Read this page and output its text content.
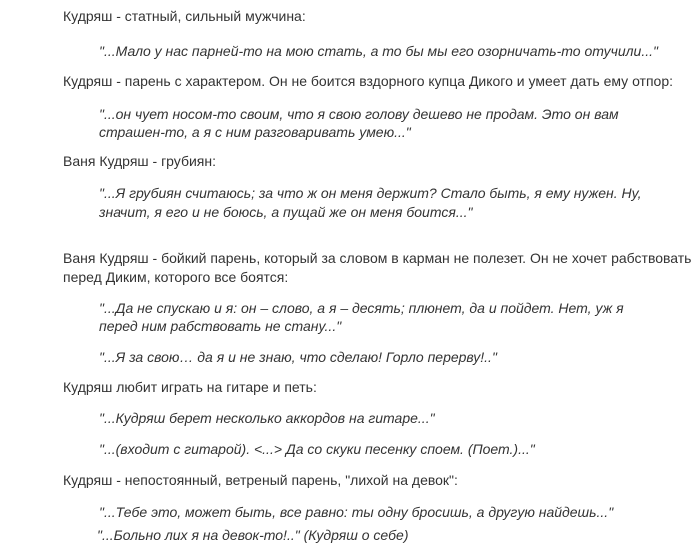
Кудряш - статный, сильный мужчина:

"...Мало у нас парней-то на мою стать, а то бы мы его озорничать-то отучили..."

Кудряш - парень с характером. Он не боится вздорного купца Дикого и умеет дать ему отпор:

"...он чует носом-то своим, что я свою голову дешево не продам. Это он вам

страшен-то, а я с ним разговаривать умею..."

Ваня Кудряш - грубиян:

"...Я грубиян считаюсь; за что ж он меня держит? Стало быть, я ему нужен. Ну,

значит, я его и не боюсь, а пущай же он меня боится..."

Ваня Кудряш - бойкий парень, который за словом в карман не полезет. Он не хочет рабствовать

перед Диким, которого все боятся:

"...Да не спускаю и я: он – слово, а я – десять; плюнет, да и пойдет. Нет, уж я

перед ним рабствовать не стану..."

"...Я за свою… да я и не знаю, что сделаю! Горло перерву!.."

Кудряш любит играть на гитаре и петь:

"...Кудряш берет несколько аккордов на гитаре..."

"...(входит с гитарой). <...> Да со скуки песенку споем. (Поет.)..."

Кудряш - непостоянный, ветреный парень, "лихой на девок":

"...Тебе это, может быть, все равно: ты одну бросишь, а другую найдешь..."

"...Больно лих я на девок-то!.." (Кудряш о себе)
